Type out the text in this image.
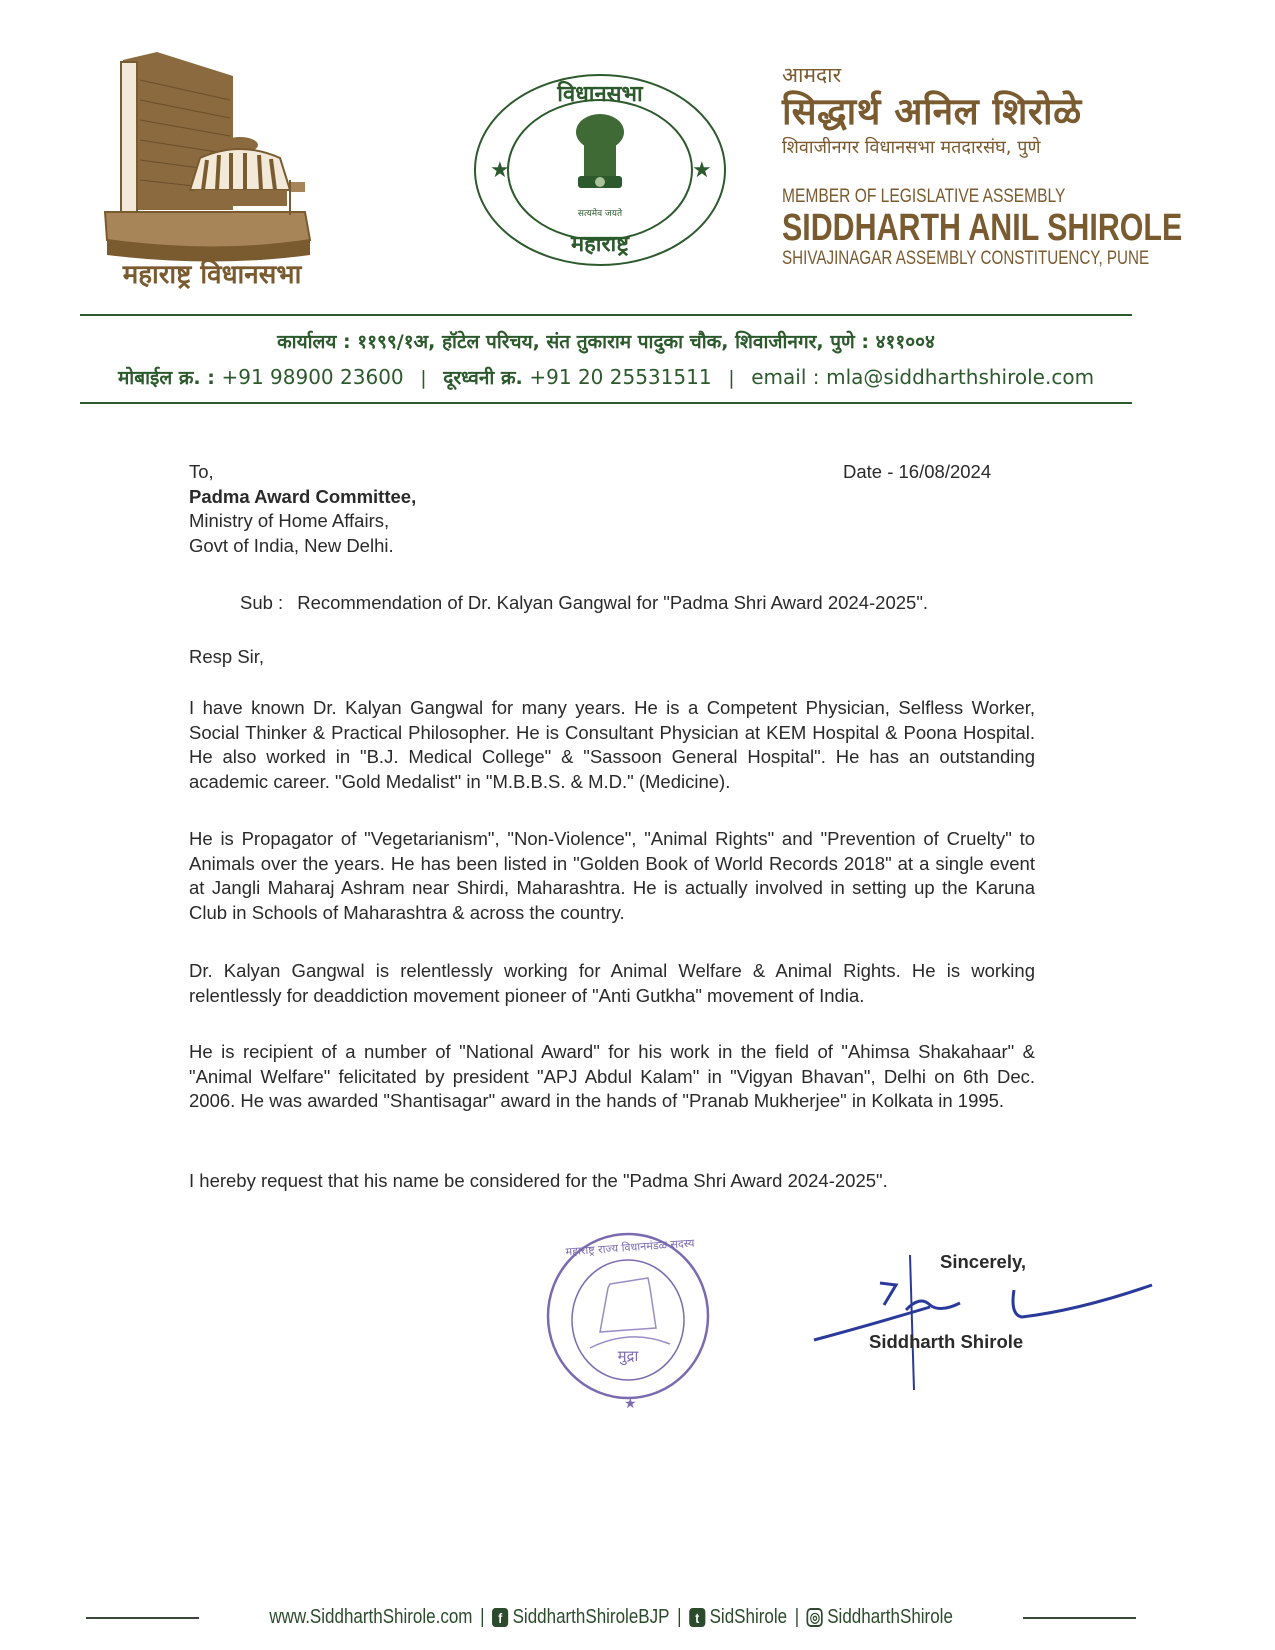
महाराष्ट्र विधानसभा
★	★
विधानसभा
सत्यमेव जयते
महाराष्ट्र
आमदार
सिद्धार्थ अनिल शिरोळे
शिवाजीनगर विधानसभा मतदारसंघ, पुणे
MEMBER OF LEGISLATIVE ASSEMBLY
SIDDHARTH ANIL SHIROLE
SHIVAJINAGAR ASSEMBLY CONSTITUENCY, PUNE
कार्यालय : ११९९/१अ, हॉटेल परिचय, संत तुकाराम पादुका चौक, शिवाजीनगर, पुणे : ४११००४
मोबाईल क्र. : +91 98900 23600 | दूरध्वनी क्र. +91 20 25531511 | email : mla@siddharthshirole.com
To,
Padma Award Committee,
Ministry of Home Affairs,
Govt of India, New Delhi.
Date - 16/08/2024
Sub : Recommendation of Dr. Kalyan Gangwal for "Padma Shri Award 2024-2025".
Resp Sir,
I have known Dr. Kalyan Gangwal for many years. He is a Competent Physician, Selfless Worker, Social Thinker & Practical Philosopher. He is Consultant Physician at KEM Hospital & Poona Hospital. He also worked in "B.J. Medical College" & "Sassoon General Hospital". He has an outstanding academic career. "Gold Medalist" in "M.B.B.S. & M.D." (Medicine).
He is Propagator of "Vegetarianism", "Non-Violence", "Animal Rights" and "Prevention of Cruelty" to Animals over the years. He has been listed in "Golden Book of World Records 2018" at a single event at Jangli Maharaj Ashram near Shirdi, Maharashtra. He is actually involved in setting up the Karuna Club in Schools of Maharashtra & across the country.
Dr. Kalyan Gangwal is relentlessly working for Animal Welfare & Animal Rights. He is working relentlessly for deaddiction movement pioneer of "Anti Gutkha" movement of India.
He is recipient of a number of "National Award" for his work in the field of "Ahimsa Shakahaar" & "Animal Welfare" felicitated by president "APJ Abdul Kalam" in "Vigyan Bhavan", Delhi on 6th Dec. 2006. He was awarded "Shantisagar" award in the hands of "Pranab Mukherjee" in Kolkata in 1995.
I hereby request that his name be considered for the "Padma Shri Award 2024-2025".
★
मुद्रा
महाराष्ट्र राज्य विधानमंडळ सदस्य
Sincerely,
Siddharth Shirole
www.SiddharthShirole.com | f SiddharthShiroleBJP | t SidShirole | ◎ SiddharthShirole
